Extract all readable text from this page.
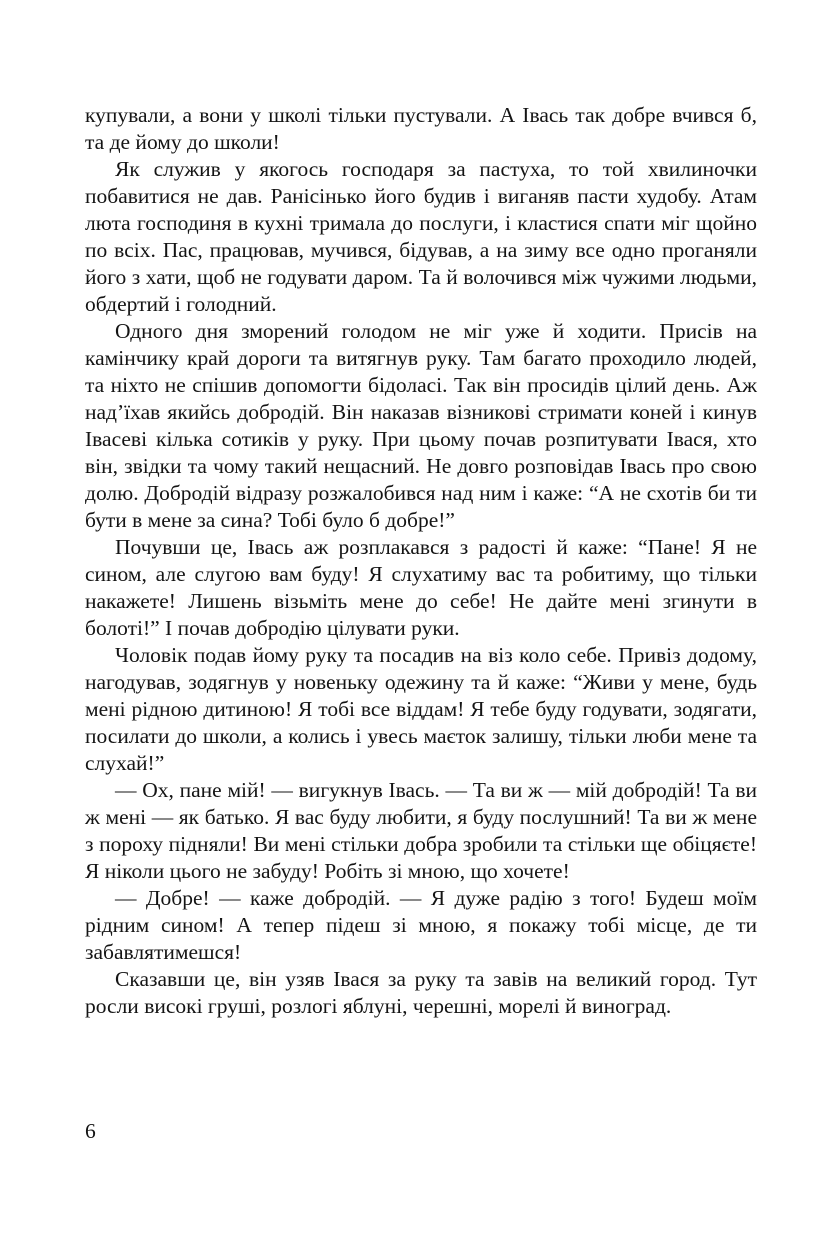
купували, а вони у школі тільки пустували. А Івась так добре вчився б, та де йому до школи!

Як служив у якогось господаря за пастуха, то той хвилиночки побавитися не дав. Ранісінько його будив і виганяв пасти худобу. Атам люта господиня в кухні тримала до послуги, і кластися спати міг щойно по всіх. Пас, працював, мучився, бідував, а на зиму все одно проганяли його з хати, щоб не годувати даром. Та й волочився між чужими людьми, обдертий і голодний.

Одного дня зморений голодом не міг уже й ходити. Присів на камінчику край дороги та витягнув руку. Там багато проходило людей, та ніхто не спішив допомогти бідоласі. Так він просидів цілий день. Аж над’їхав якийсь добродій. Він наказав візникові стримати коней і кинув Івасеві кілька сотиків у руку. При цьому почав розпитувати Івася, хто він, звідки та чому такий нещасний. Не довго розповідав Івась про свою долю. Добродій відразу розжалобився над ним і каже: “А не схотів би ти бути в мене за сина? Тобі було б добре!”

Почувши це, Івась аж розплакався з радості й каже: “Пане! Я не сином, але слугою вам буду! Я слухатиму вас та робитиму, що тільки накажете! Лишень візьміть мене до себе! Не дайте мені згинути в болоті!” І почав добродію цілувати руки.

Чоловік подав йому руку та посадив на віз коло себе. Привіз додому, нагодував, зодягнув у новеньку одежину та й каже: “Живи у мене, будь мені рідною дитиною! Я тобі все віддам! Я тебе буду годувати, зодягати, посилати до школи, а колись і увесь маєток залишу, тільки люби мене та слухай!”

— Ох, пане мій! — вигукнув Івась. — Та ви ж — мій добродій! Та ви ж мені — як батько. Я вас буду любити, я буду послушний! Та ви ж мене з пороху підняли! Ви мені стільки добра зробили та стільки ще обіцяєте! Я ніколи цього не забуду! Робіть зі мною, що хочете!

— Добре! — каже добродій. — Я дуже радію з того! Будеш моїм рідним сином! А тепер підеш зі мною, я покажу тобі місце, де ти забавлятимешся!

Сказавши це, він узяв Івася за руку та завів на великий город. Тут росли високі груші, розлогі яблуні, черешні, морелі й виноград.

6
